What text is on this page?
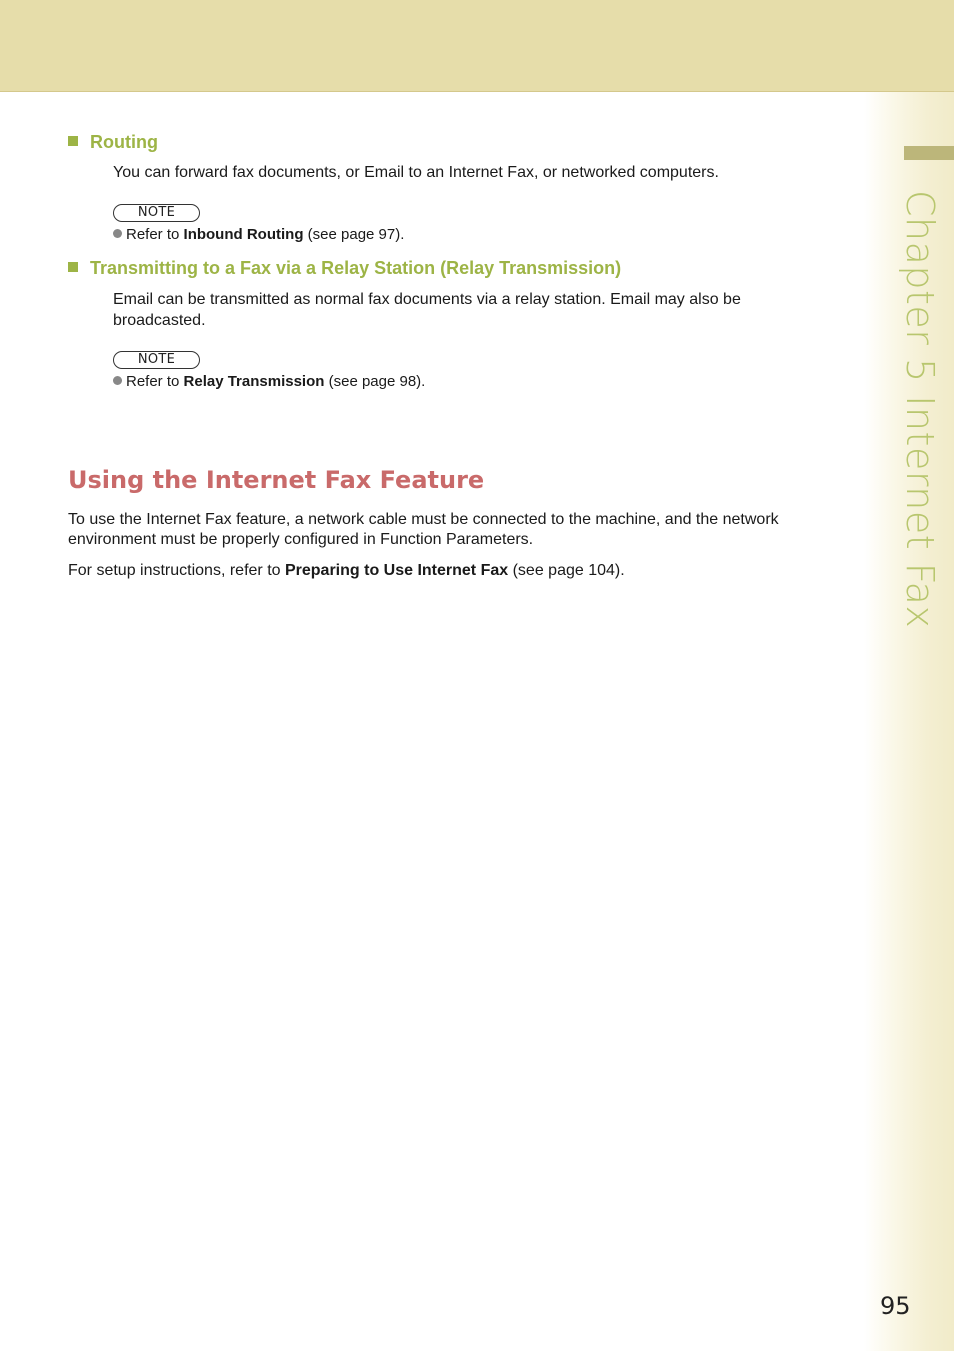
Chapter 5 Internet Fax
Routing
You can forward fax documents, or Email to an Internet Fax, or networked computers.
NOTE
Refer to Inbound Routing (see page 97).
Transmitting to a Fax via a Relay Station (Relay Transmission)
Email can be transmitted as normal fax documents via a relay station. Email may also be broadcasted.
NOTE
Refer to Relay Transmission (see page 98).
Using the Internet Fax Feature
To use the Internet Fax feature, a network cable must be connected to the machine, and the network environment must be properly configured in Function Parameters.
For setup instructions, refer to Preparing to Use Internet Fax (see page 104).
95
